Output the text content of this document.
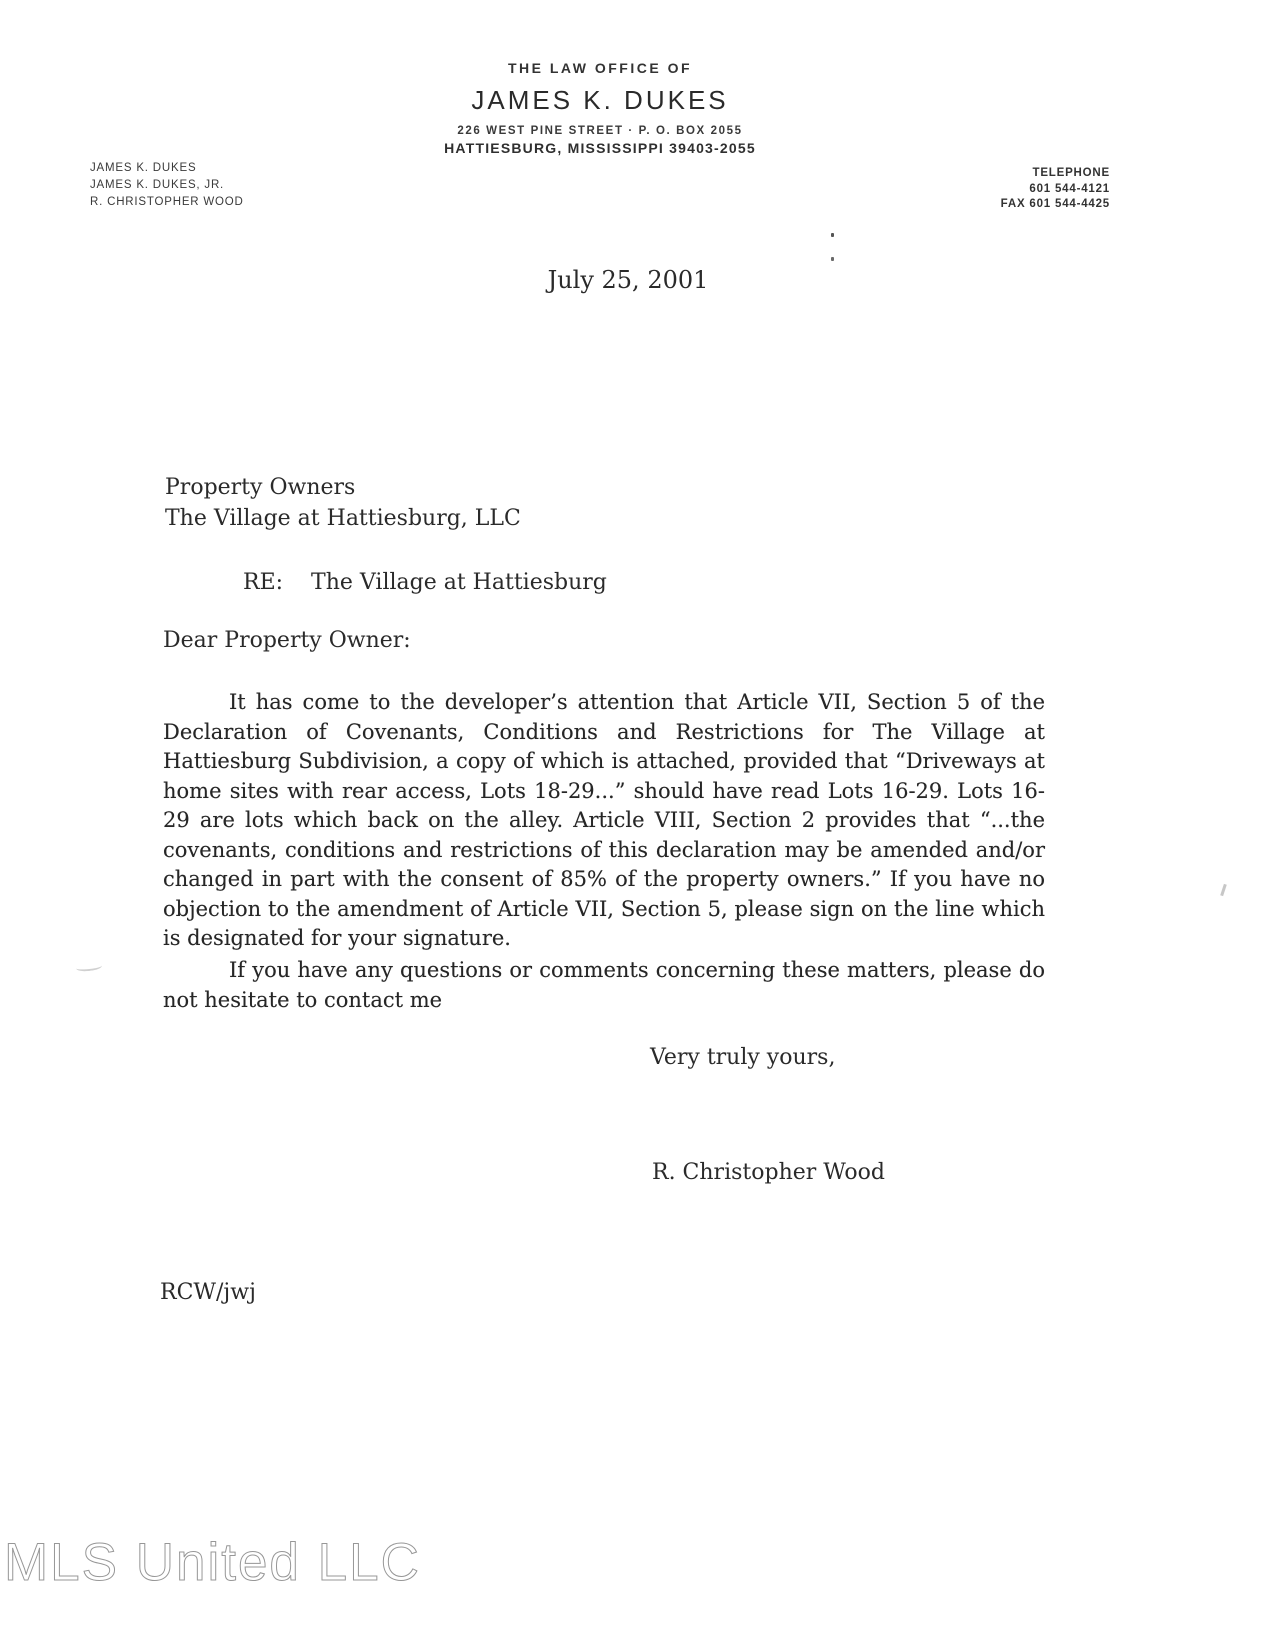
THE LAW OFFICE OF
JAMES K. DUKES
226 WEST PINE STREET · P. O. BOX 2055
HATTIESBURG, MISSISSIPPI 39403-2055
JAMES K. DUKES
JAMES K. DUKES, JR.
R. CHRISTOPHER WOOD
TELEPHONE
601 544-4121
FAX 601 544-4425
July 25, 2001
Property Owners
The Village at Hattiesburg, LLC
RE: The Village at Hattiesburg
Dear Property Owner:
It has come to the developer’s attention that Article VII, Section 5 of the Declaration of Covenants, Conditions and Restrictions for The Village at Hattiesburg Subdivision, a copy of which is attached, provided that “Driveways at home sites with rear access, Lots 18-29...” should have read Lots 16-29. Lots 16-29 are lots which back on the alley. Article VIII, Section 2 provides that “...the covenants, conditions and restrictions of this declaration may be amended and/or changed in part with the consent of 85% of the property owners.” If you have no objection to the amendment of Article VII, Section 5, please sign on the line which is designated for your signature.
If you have any questions or comments concerning these matters, please do not hesitate to contact me
Very truly yours,
R. Christopher Wood
RCW/jwj
MLS United LLC
